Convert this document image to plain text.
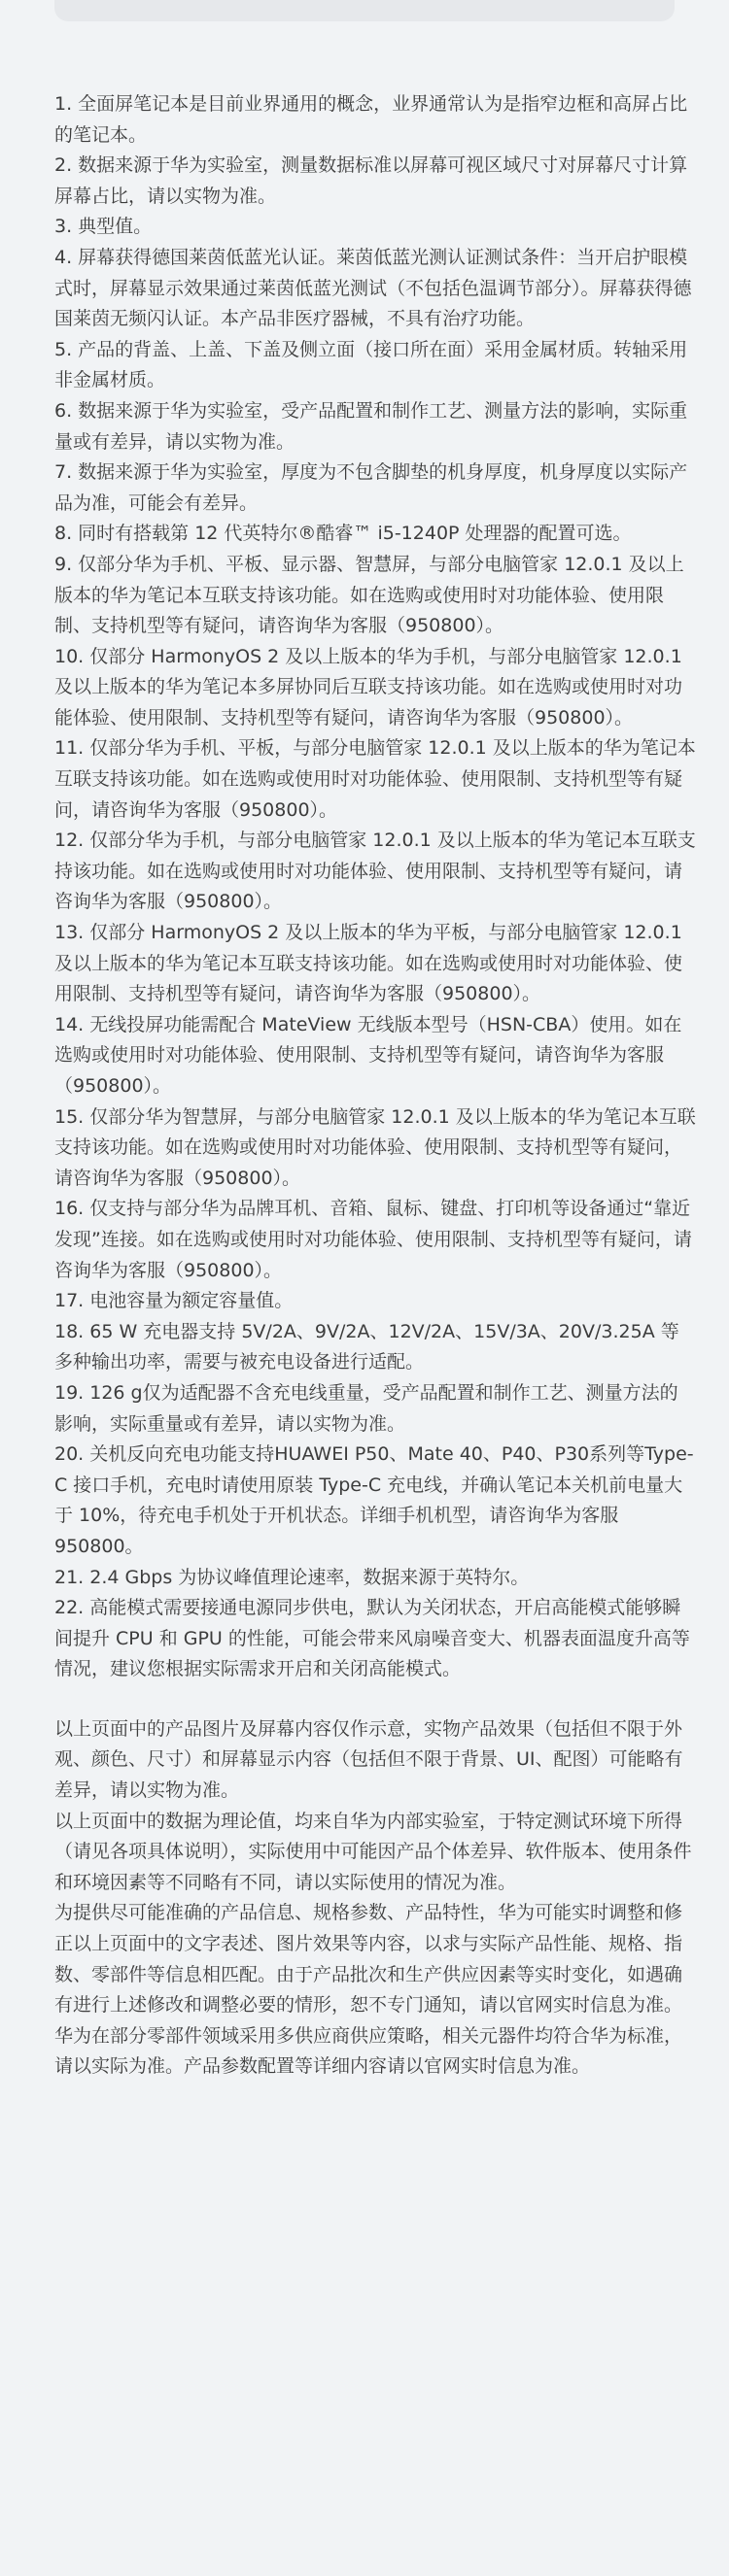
1. 全面屏笔记本是目前业界通用的概念，业界通常认为是指窄边框和高屏占比的笔记本。

2. 数据来源于华为实验室，测量数据标准以屏幕可视区域尺寸对屏幕尺寸计算屏幕占比，请以实物为准。

3. 典型值。

4. 屏幕获得德国莱茵低蓝光认证。莱茵低蓝光测认证测试条件：当开启护眼模式时，屏幕显示效果通过莱茵低蓝光测试（不包括色温调节部分）。屏幕获得德国莱茵无频闪认证。本产品非医疗器械，不具有治疗功能。

5. 产品的背盖、上盖、下盖及侧立面（接口所在面）采用金属材质。转轴采用非金属材质。

6. 数据来源于华为实验室，受产品配置和制作工艺、测量方法的影响，实际重量或有差异，请以实物为准。

7. 数据来源于华为实验室，厚度为不包含脚垫的机身厚度，机身厚度以实际产品为准，可能会有差异。

8. 同时有搭载第 12 代英特尔®酷睿™ i5-1240P 处理器的配置可选。

9. 仅部分华为手机、平板、显示器、智慧屏，与部分电脑管家 12.0.1 及以上版本的华为笔记本互联支持该功能。如在选购或使用时对功能体验、使用限制、支持机型等有疑问，请咨询华为客服（950800）。

10. 仅部分 HarmonyOS 2 及以上版本的华为手机，与部分电脑管家 12.0.1 及以上版本的华为笔记本多屏协同后互联支持该功能。如在选购或使用时对功能体验、使用限制、支持机型等有疑问，请咨询华为客服（950800）。

11. 仅部分华为手机、平板，与部分电脑管家 12.0.1 及以上版本的华为笔记本互联支持该功能。如在选购或使用时对功能体验、使用限制、支持机型等有疑问，请咨询华为客服（950800）。

12. 仅部分华为手机，与部分电脑管家 12.0.1 及以上版本的华为笔记本互联支持该功能。如在选购或使用时对功能体验、使用限制、支持机型等有疑问，请咨询华为客服（950800）。

13. 仅部分 HarmonyOS 2 及以上版本的华为平板，与部分电脑管家 12.0.1 及以上版本的华为笔记本互联支持该功能。如在选购或使用时对功能体验、使用限制、支持机型等有疑问，请咨询华为客服（950800）。

14. 无线投屏功能需配合 MateView 无线版本型号（HSN-CBA）使用。如在选购或使用时对功能体验、使用限制、支持机型等有疑问，请咨询华为客服（950800）。

15. 仅部分华为智慧屏，与部分电脑管家 12.0.1 及以上版本的华为笔记本互联支持该功能。如在选购或使用时对功能体验、使用限制、支持机型等有疑问，请咨询华为客服（950800）。

16. 仅支持与部分华为品牌耳机、音箱、鼠标、键盘、打印机等设备通过“靠近发现”连接。如在选购或使用时对功能体验、使用限制、支持机型等有疑问，请咨询华为客服（950800）。

17. 电池容量为额定容量值。

18. 65 W 充电器支持 5V/2A、9V/2A、12V/2A、15V/3A、20V/3.25A 等多种输出功率，需要与被充电设备进行适配。

19. 126 g仅为适配器不含充电线重量，受产品配置和制作工艺、测量方法的影响，实际重量或有差异，请以实物为准。

20. 关机反向充电功能支持HUAWEI P50、Mate 40、P40、P30系列等Type-C 接口手机，充电时请使用原装 Type-C 充电线，并确认笔记本关机前电量大于 10%，待充电手机处于开机状态。详细手机机型，请咨询华为客服 950800。

21. 2.4 Gbps 为协议峰值理论速率，数据来源于英特尔。

22. 高能模式需要接通电源同步供电，默认为关闭状态，开启高能模式能够瞬间提升 CPU 和 GPU 的性能，可能会带来风扇噪音变大、机器表面温度升高等情况，建议您根据实际需求开启和关闭高能模式。

以上页面中的产品图片及屏幕内容仅作示意，实物产品效果（包括但不限于外观、颜色、尺寸）和屏幕显示内容（包括但不限于背景、UI、配图）可能略有差异，请以实物为准。

以上页面中的数据为理论值，均来自华为内部实验室，于特定测试环境下所得（请见各项具体说明），实际使用中可能因产品个体差异、软件版本、使用条件和环境因素等不同略有不同，请以实际使用的情况为准。

为提供尽可能准确的产品信息、规格参数、产品特性，华为可能实时调整和修正以上页面中的文字表述、图片效果等内容，以求与实际产品性能、规格、指数、零部件等信息相匹配。由于产品批次和生产供应因素等实时变化，如遇确有进行上述修改和调整必要的情形，恕不专门通知，请以官网实时信息为准。

华为在部分零部件领域采用多供应商供应策略，相关元器件均符合华为标准，请以实际为准。产品参数配置等详细内容请以官网实时信息为准。
